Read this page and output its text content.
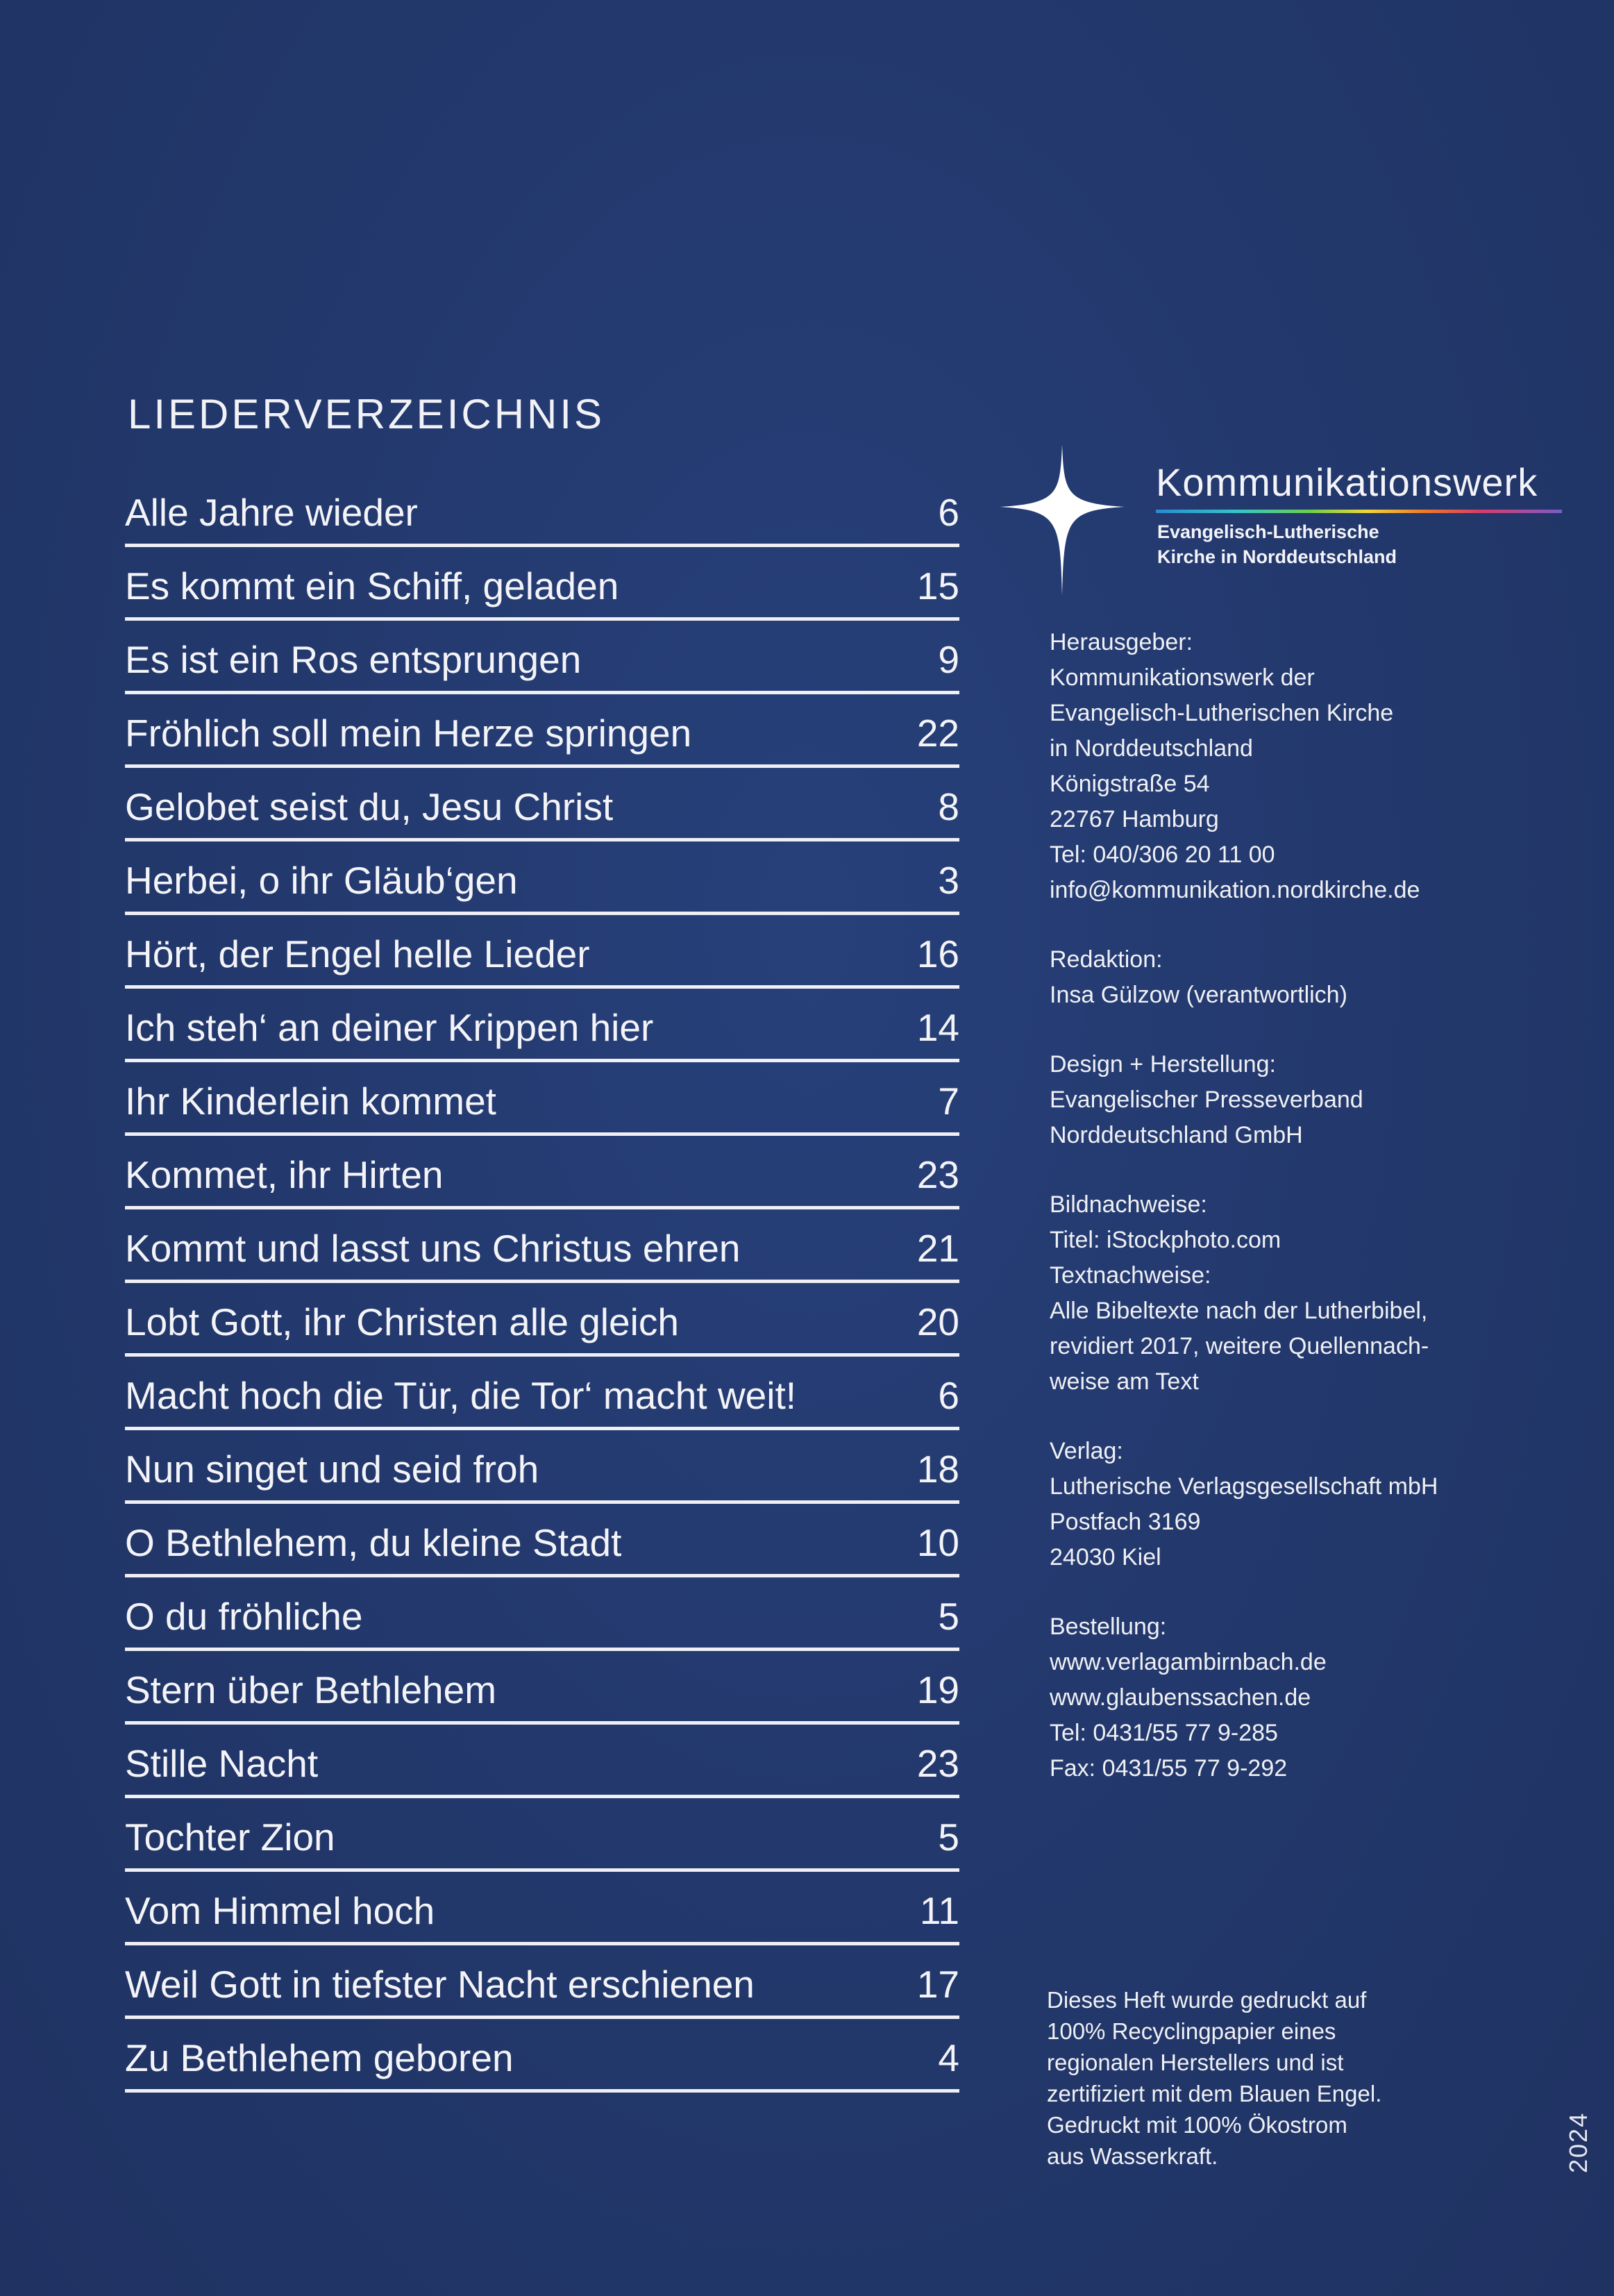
LIEDERVERZEICHNIS
Alle Jahre wieder	6
Es kommt ein Schiff, geladen	15
Es ist ein Ros entsprungen	9
Fröhlich soll mein Herze springen	22
Gelobet seist du, Jesu Christ	8
Herbei, o ihr Gläub‘gen	3
Hört, der Engel helle Lieder	16
Ich steh‘ an deiner Krippen hier	14
Ihr Kinderlein kommet	7
Kommet, ihr Hirten	23
Kommt und lasst uns Christus ehren	21
Lobt Gott, ihr Christen alle gleich	20
Macht hoch die Tür, die Tor‘ macht weit!	6
Nun singet und seid froh	18
O Bethlehem, du kleine Stadt	10
O du fröhliche	5
Stern über Bethlehem	19
Stille Nacht	23
Tochter Zion	5
Vom Himmel hoch	11
Weil Gott in tiefster Nacht erschienen	17
Zu Bethlehem geboren	4
Kommunikationswerk
Evangelisch-Lutherische
Kirche in Norddeutschland
Herausgeber:
Kommunikationswerk der
Evangelisch-Lutherischen Kirche
in Norddeutschland
Königstraße 54
22767 Hamburg
Tel: 040/306 20 11 00
info@kommunikation.nordkirche.de
Redaktion:
Insa Gülzow (verantwortlich)
Design + Herstellung:
Evangelischer Presseverband
Norddeutschland GmbH
Bildnachweise:
Titel: iStockphoto.com
Textnachweise:
Alle Bibeltexte nach der Lutherbibel,
revidiert 2017, weitere Quellennach-
weise am Text
Verlag:
Lutherische Verlagsgesellschaft mbH
Postfach 3169
24030 Kiel
Bestellung:
www.verlagambirnbach.de
www.glaubenssachen.de
Tel: 0431/55 77 9-285
Fax: 0431/55 77 9-292
Dieses Heft wurde gedruckt auf
100% Recyclingpapier eines
regionalen Herstellers und ist
zertifiziert mit dem Blauen Engel.
Gedruckt mit 100% Ökostrom
aus Wasserkraft.	2024
